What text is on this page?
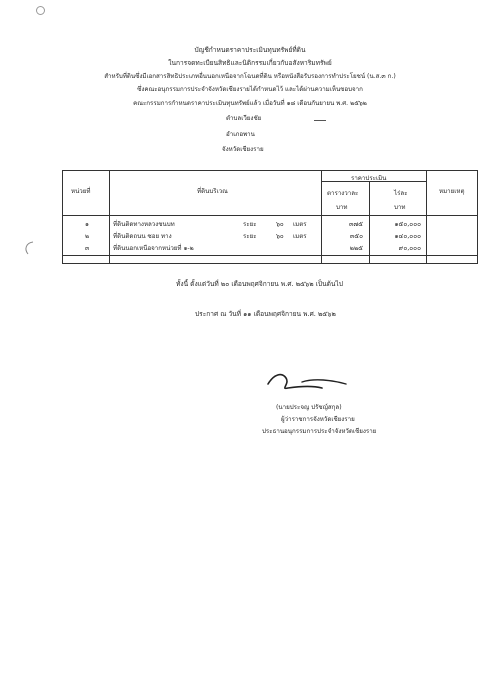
บัญชีกำหนดราคาประเมินทุนทรัพย์ที่ดิน
ในการจดทะเบียนสิทธิและนิติกรรมเกี่ยวกับอสังหาริมทรัพย์
สำหรับที่ดินซึ่งมีเอกสารสิทธิประเภทอื่นนอกเหนือจากโฉนดที่ดิน หรือหนังสือรับรองการทำประโยชน์ (น.ส.๓ ก.)
ซึ่งคณะอนุกรรมการประจำจังหวัดเชียงรายได้กำหนดไว้ และได้ผ่านความเห็นชอบจาก
คณะกรรมการกำหนดราคาประเมินทุนทรัพย์แล้ว เมื่อวันที่ ๑๘ เดือนกันยายน พ.ศ. ๒๕๖๒
ตำบลเวียงชัย
อำเภอพาน
จังหวัดเชียงราย
หน่วยที่	ที่ดินบริเวณ
ราคาประเมิน
ตารางวาละ	ไร่ละ
บาท	บาท
หมายเหตุ
๑	ที่ดินติดทางหลวงชนบท	ระยะ	๖๐ เมตร	๓๗๕	๑๕๐,๐๐๐
๒	ที่ดินติดถนน ซอย ทาง	ระยะ	๖๐ เมตร	๓๕๐	๑๔๐,๐๐๐
๓	ที่ดินนอกเหนือจากหน่วยที่ ๑-๒	๒๒๕	๙๐,๐๐๐
ทั้งนี้ ตั้งแต่วันที่ ๒๐ เดือนพฤศจิกายน พ.ศ. ๒๕๖๒ เป็นต้นไป
ประกาศ ณ วันที่ ๑๑ เดือนพฤศจิกายน พ.ศ. ๒๕๖๒
(นายประจญ ปรัชญ์สกุล)
ผู้ว่าราชการจังหวัดเชียงราย
ประธานอนุกรรมการประจำจังหวัดเชียงราย
